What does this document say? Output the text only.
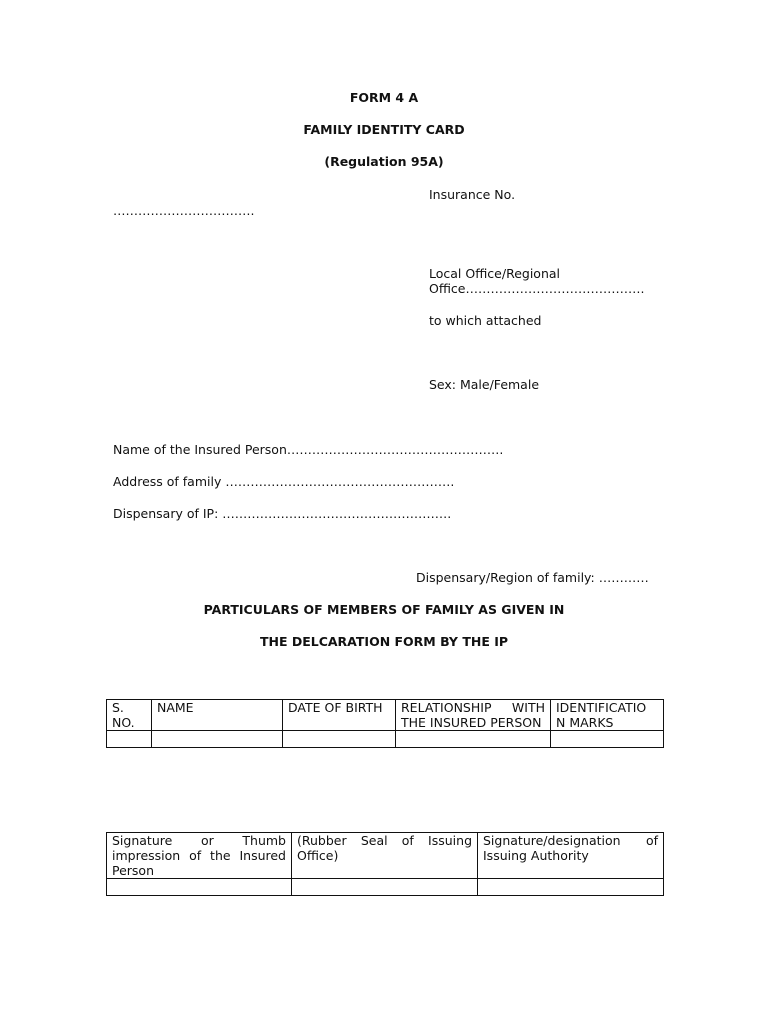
FORM 4 A
FAMILY IDENTITY CARD
(Regulation 95A)
Insurance No.
…………………………….
Local Office/Regional
Office…………………………………….
to which attached
Sex: Male/Female
Name of the Insured Person…………………………………………….
Address of family ……………………………………………….
Dispensary of IP: ……………………………………………….
Dispensary/Region of family: …………
PARTICULARS OF MEMBERS OF FAMILY AS GIVEN IN
THE DELCARATION FORM BY THE IP
S. NO.	NAME	DATE OF BIRTH	RELATIONSHIP WITH THE INSURED PERSON	IDENTIFICATIO N MARKS

Signature or Thumb impression of the Insured Person	(Rubber Seal of Issuing Office)	Signature/designation of Issuing Authority
